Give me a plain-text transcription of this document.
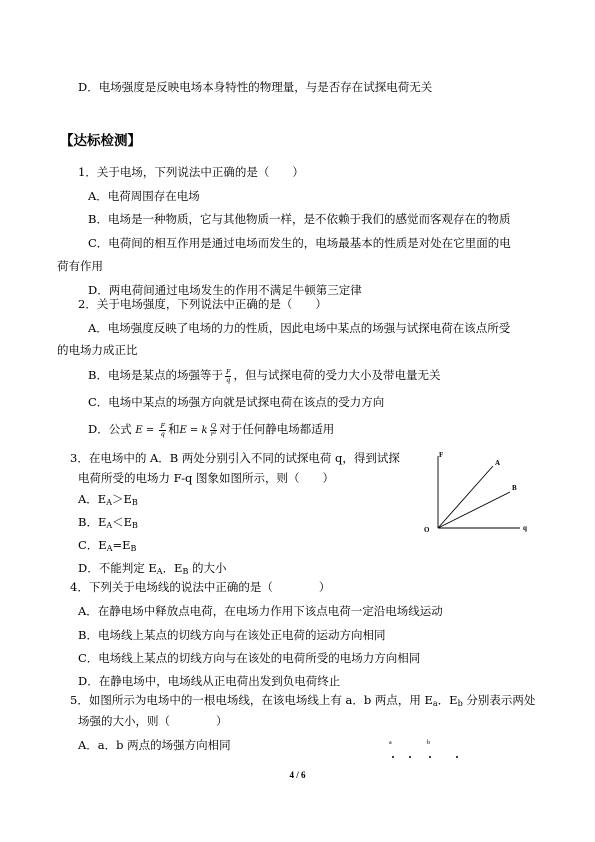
D．电场强度是反映电场本身特性的物理量，与是否存在试探电荷无关
【达标检测】
1．关于电场，下列说法中正确的是（　　）
A．电荷周围存在电场
B．电场是一种物质，它与其他物质一样，是不依赖于我们的感觉而客观存在的物质
C．电荷间的相互作用是通过电场而发生的，电场最基本的性质是对处在它里面的电
荷有作用
D．两电荷间通过电场发生的作用不满足牛顿第三定律
2．关于电场强度，下列说法中正确的是（　　）
A．电场强度反映了电场的力的性质，因此电场中某点的场强与试探电荷在该点所受
的电场力成正比
B．电场是某点的场强等于 $\frac{F}{q}$ ，但与试探电荷的受力大小及带电量无关
C．电场中某点的场强方向就是试探电荷在该点的受力方向
D．公式 $E = \frac{F}{q}$ 和E = k $\frac{Q}{\text{r²}}$ 对于任何静电场都适用
3．在电场中的 A．B 两处分别引入不同的试探电荷 q，得到试探
电荷所受的电场力 F-q 图象如图所示，则（　　）
A．$E_A>E_B$
B．$E_A<E_B$
C．$E_A=E_B$
D．不能判定 $E_A$．$E_B$ 的大小
F
q
O
A
B
4．下列关于电场线的说法中正确的是（　　　　）
A．在静电场中释放点电荷，在电场力作用下该点电荷一定沿电场线运动
B．电场线上某点的切线方向与在该处正电荷的运动方向相同
C．电场线上某点的切线方向与在该处的电荷所受的电场力方向相同
D．在静电场中，电场线从正电荷出发到负电荷终止
5．如图所示为电场中的一根电场线，在该电场线上有 a．b 两点，用 $E_a$．$E_b$ 分别表示两处
场强的大小，则（　　　　）
A．a．b 两点的场强方向相同	a	b
4 / 6
